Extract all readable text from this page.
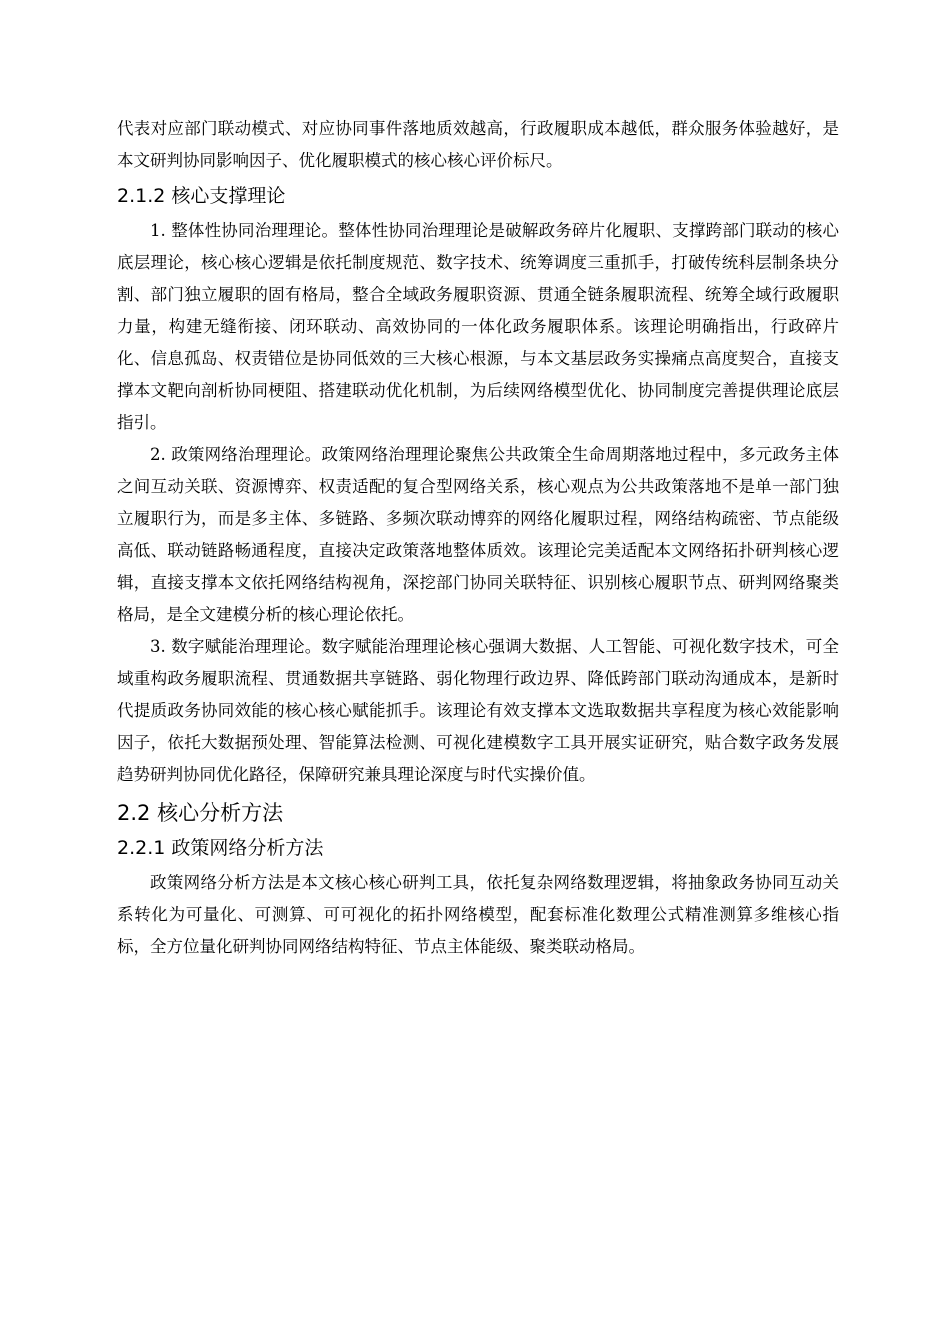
代表对应部门联动模式、对应协同事件落地质效越高，行政履职成本越低，群众服务体验越好，是本文研判协同影响因子、优化履职模式的核心核心评价标尺。

2.1.2 核心支撑理论

1. 整体性协同治理理论。整体性协同治理理论是破解政务碎片化履职、支撑跨部门联动的核心底层理论，核心核心逻辑是依托制度规范、数字技术、统筹调度三重抓手，打破传统科层制条块分割、部门独立履职的固有格局，整合全域政务履职资源、贯通全链条履职流程、统筹全域行政履职力量，构建无缝衔接、闭环联动、高效协同的一体化政务履职体系。该理论明确指出，行政碎片化、信息孤岛、权责错位是协同低效的三大核心根源，与本文基层政务实操痛点高度契合，直接支撑本文靶向剖析协同梗阻、搭建联动优化机制，为后续网络模型优化、协同制度完善提供理论底层指引。

2. 政策网络治理理论。政策网络治理理论聚焦公共政策全生命周期落地过程中，多元政务主体之间互动关联、资源博弈、权责适配的复合型网络关系，核心观点为公共政策落地不是单一部门独立履职行为，而是多主体、多链路、多频次联动博弈的网络化履职过程，网络结构疏密、节点能级高低、联动链路畅通程度，直接决定政策落地整体质效。该理论完美适配本文网络拓扑研判核心逻辑，直接支撑本文依托网络结构视角，深挖部门协同关联特征、识别核心履职节点、研判网络聚类格局，是全文建模分析的核心理论依托。

3. 数字赋能治理理论。数字赋能治理理论核心强调大数据、人工智能、可视化数字技术，可全域重构政务履职流程、贯通数据共享链路、弱化物理行政边界、降低跨部门联动沟通成本，是新时代提质政务协同效能的核心核心赋能抓手。该理论有效支撑本文选取数据共享程度为核心效能影响因子，依托大数据预处理、智能算法检测、可视化建模数字工具开展实证研究，贴合数字政务发展趋势研判协同优化路径，保障研究兼具理论深度与时代实操价值。

2.2 核心分析方法
2.2.1 政策网络分析方法

政策网络分析方法是本文核心核心研判工具，依托复杂网络数理逻辑，将抽象政务协同互动关系转化为可量化、可测算、可可视化的拓扑网络模型，配套标准化数理公式精准测算多维核心指标，全方位量化研判协同网络结构特征、节点主体能级、聚类联动格局。
